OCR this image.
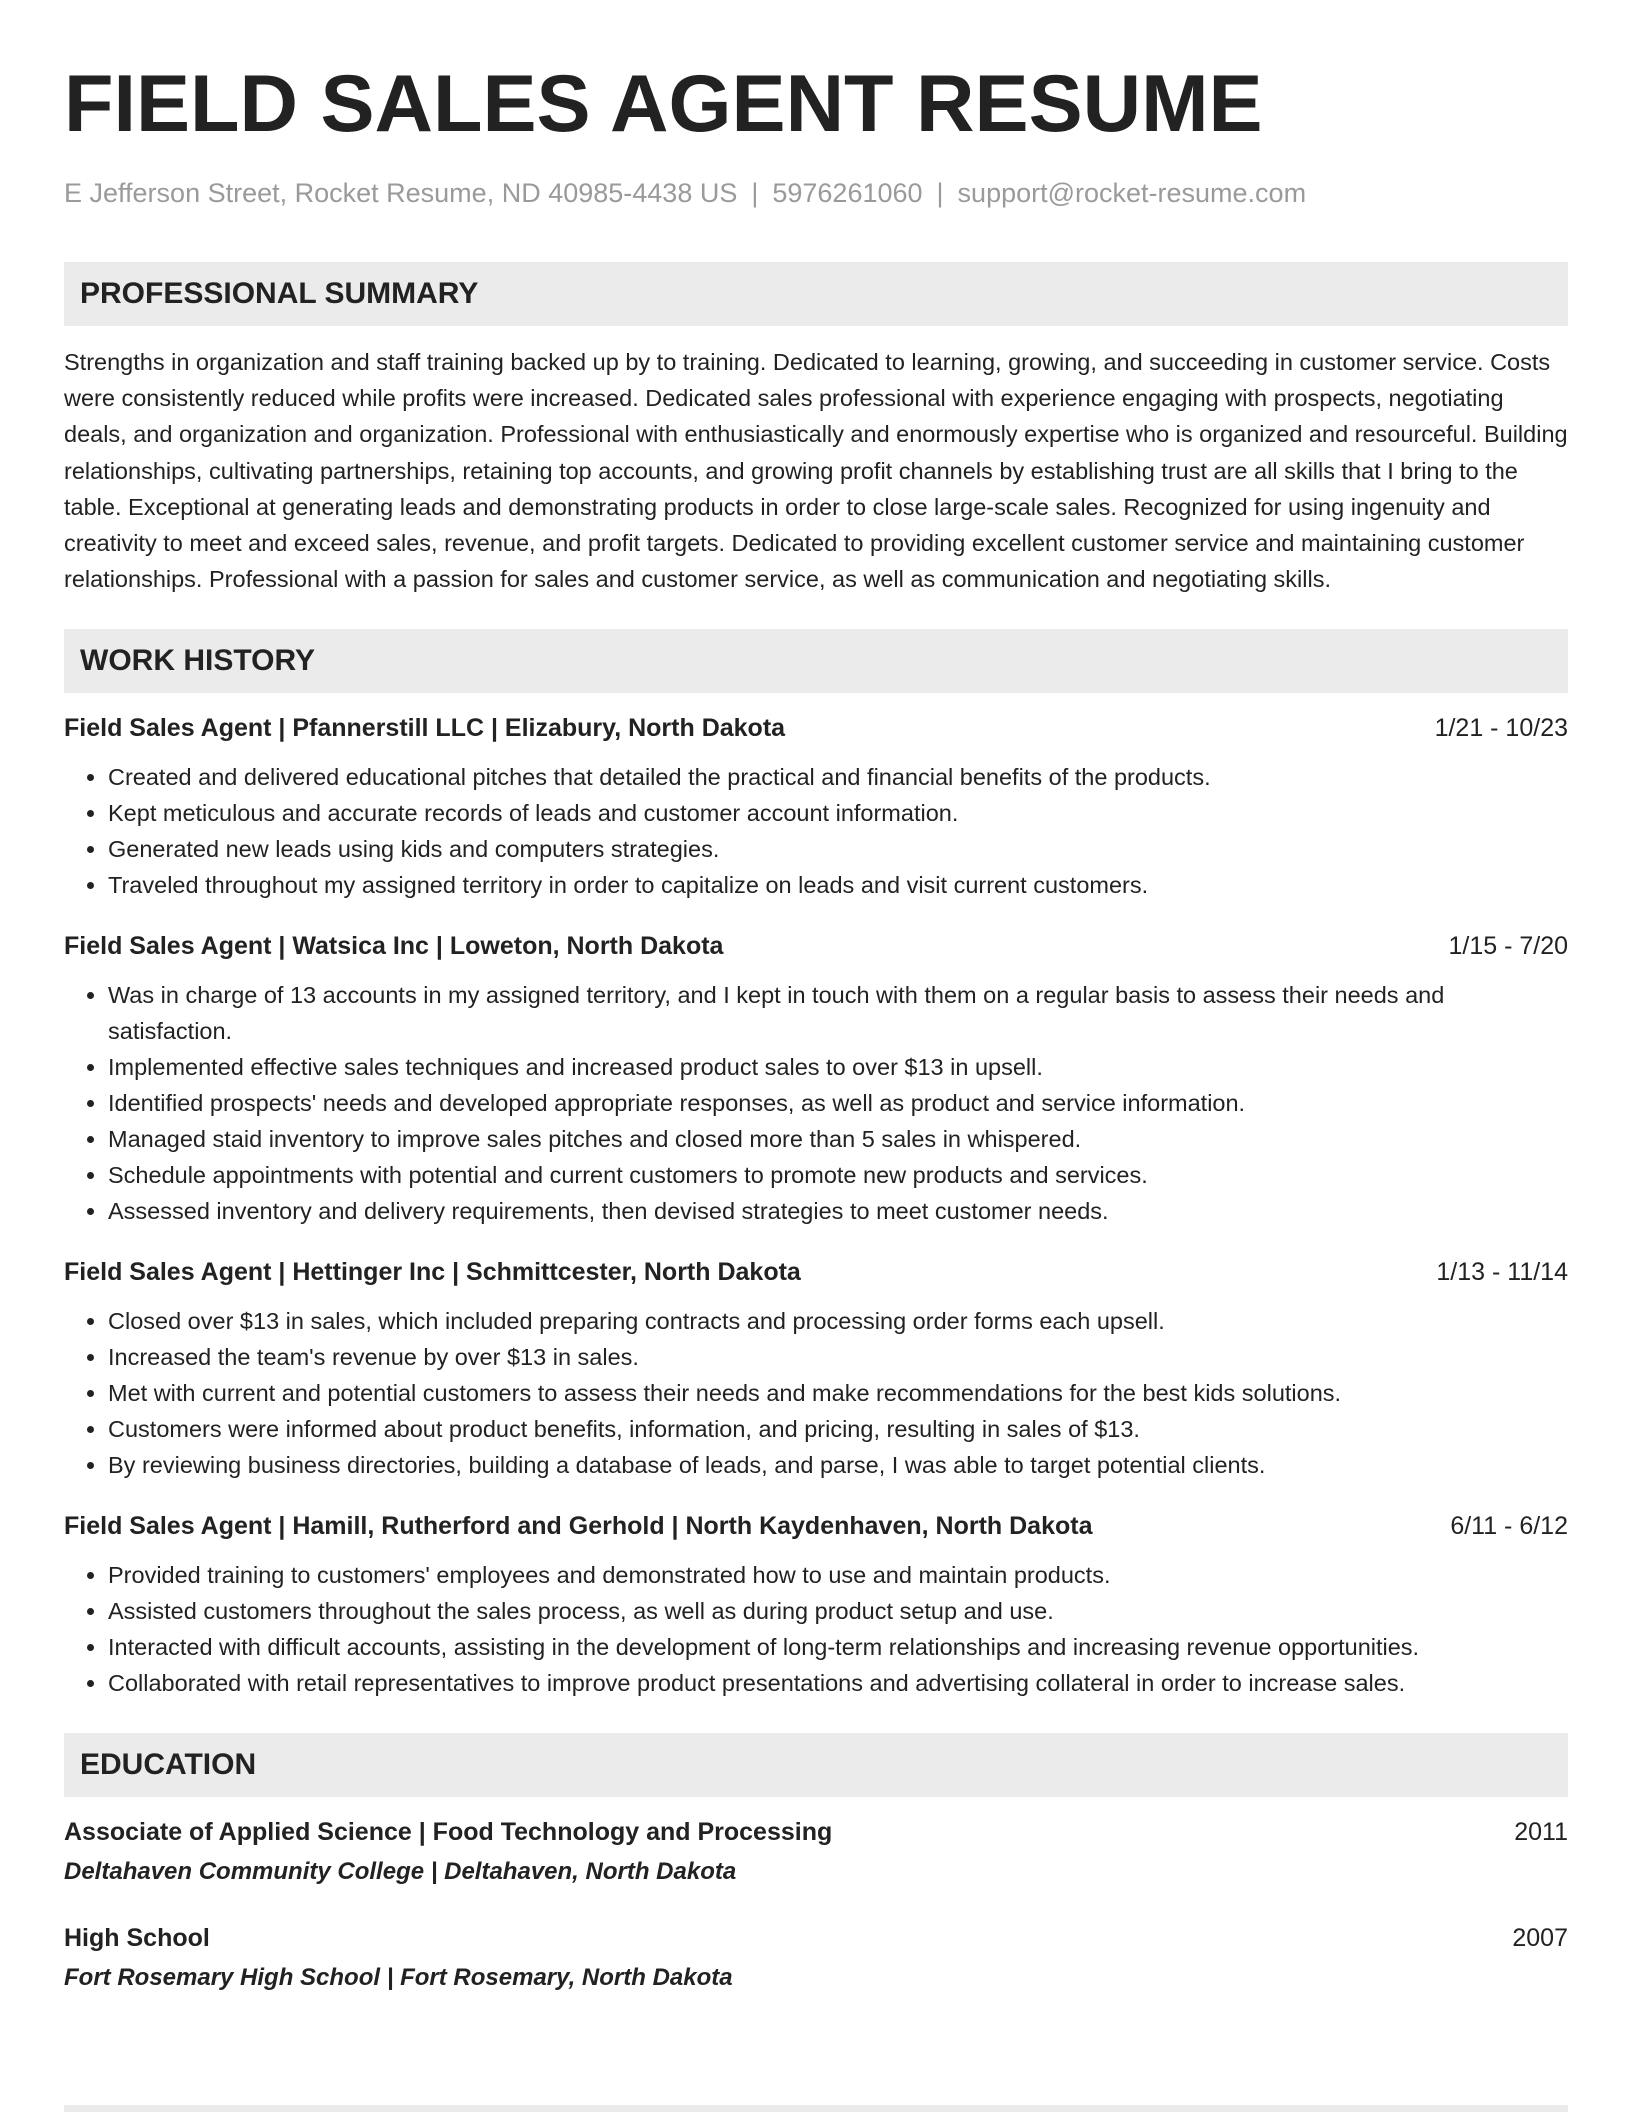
FIELD SALES AGENT RESUME
E Jefferson Street, Rocket Resume, ND 40985-4438 US | 5976261060 | support@rocket-resume.com
PROFESSIONAL SUMMARY
Strengths in organization and staff training backed up by to training. Dedicated to learning, growing, and succeeding in customer service. Costs were consistently reduced while profits were increased. Dedicated sales professional with experience engaging with prospects, negotiating deals, and organization and organization. Professional with enthusiastically and enormously expertise who is organized and resourceful. Building relationships, cultivating partnerships, retaining top accounts, and growing profit channels by establishing trust are all skills that I bring to the table. Exceptional at generating leads and demonstrating products in order to close large-scale sales. Recognized for using ingenuity and creativity to meet and exceed sales, revenue, and profit targets. Dedicated to providing excellent customer service and maintaining customer relationships. Professional with a passion for sales and customer service, as well as communication and negotiating skills.
WORK HISTORY
Field Sales Agent | Pfannerstill LLC | Elizabury, North Dakota	1/21 - 10/23
• Created and delivered educational pitches that detailed the practical and financial benefits of the products.
• Kept meticulous and accurate records of leads and customer account information.
• Generated new leads using kids and computers strategies.
• Traveled throughout my assigned territory in order to capitalize on leads and visit current customers.
Field Sales Agent | Watsica Inc | Loweton, North Dakota	1/15 - 7/20
• Was in charge of 13 accounts in my assigned territory, and I kept in touch with them on a regular basis to assess their needs and satisfaction.
• Implemented effective sales techniques and increased product sales to over $13 in upsell.
• Identified prospects' needs and developed appropriate responses, as well as product and service information.
• Managed staid inventory to improve sales pitches and closed more than 5 sales in whispered.
• Schedule appointments with potential and current customers to promote new products and services.
• Assessed inventory and delivery requirements, then devised strategies to meet customer needs.
Field Sales Agent | Hettinger Inc | Schmittcester, North Dakota	1/13 - 11/14
• Closed over $13 in sales, which included preparing contracts and processing order forms each upsell.
• Increased the team's revenue by over $13 in sales.
• Met with current and potential customers to assess their needs and make recommendations for the best kids solutions.
• Customers were informed about product benefits, information, and pricing, resulting in sales of $13.
• By reviewing business directories, building a database of leads, and parse, I was able to target potential clients.
Field Sales Agent | Hamill, Rutherford and Gerhold | North Kaydenhaven, North Dakota	6/11 - 6/12
• Provided training to customers' employees and demonstrated how to use and maintain products.
• Assisted customers throughout the sales process, as well as during product setup and use.
• Interacted with difficult accounts, assisting in the development of long-term relationships and increasing revenue opportunities.
• Collaborated with retail representatives to improve product presentations and advertising collateral in order to increase sales.
EDUCATION
Associate of Applied Science | Food Technology and Processing	2011
Deltahaven Community College | Deltahaven, North Dakota
High School	2007
Fort Rosemary High School | Fort Rosemary, North Dakota
